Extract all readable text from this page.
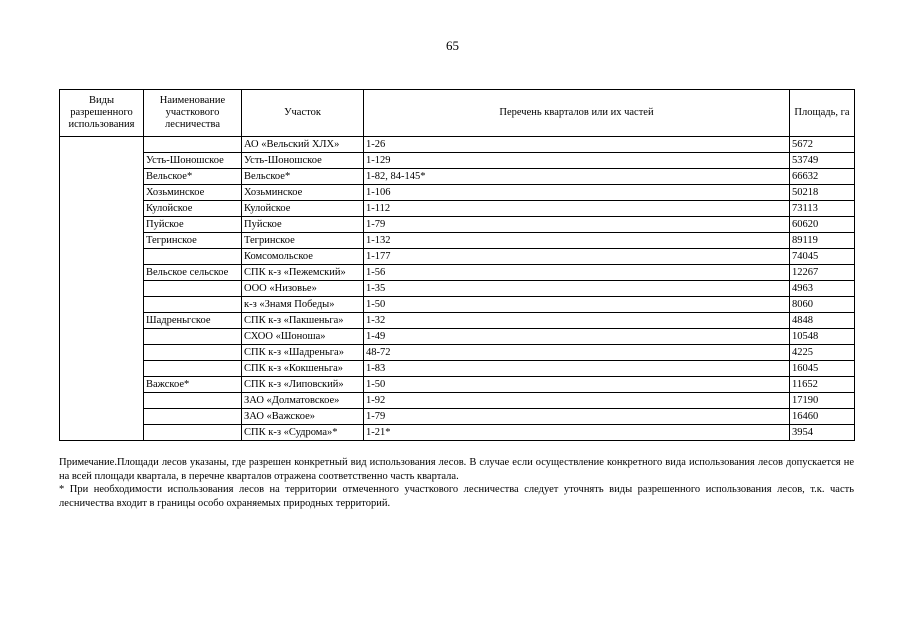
65
Виды разрешенного использования	Наименование участкового лесничества	Участок	Перечень кварталов или их частей	Площадь, га
		АО «Вельский ХЛХ»	1-26	5672
	Усть-Шоношское	Усть-Шоношское	1-129	53749
	Вельское*	Вельское*	1-82, 84-145*	66632
	Хозьминское	Хозьминское	1-106	50218
	Кулойское	Кулойское	1-112	73113
	Пуйское	Пуйское	1-79	60620
	Тегринское	Тегринское	1-132	89119
		Комсомольское	1-177	74045
	Вельское сельское	СПК к-з «Пежемский»	1-56	12267
		ООО «Низовье»	1-35	4963
		к-з «Знамя Победы»	1-50	8060
	Шадреньгское	СПК к-з «Пакшеньга»	1-32	4848
		СХОО «Шоноша»	1-49	10548
		СПК к-з «Шадреньга»	48-72	4225
		СПК к-з «Кокшеньга»	1-83	16045
	Важское*	СПК к-з «Липовский»	1-50	11652
		ЗАО «Долматовское»	1-92	17190
		ЗАО «Важское»	1-79	16460
		СПК к-з «Судрома»*	1-21*	3954

Примечание.Площади лесов указаны, где разрешен конкретный вид использования лесов. В случае если осуществление конкретного вида использования лесов допускается не на всей площади квартала, в перечне кварталов отражена соответственно часть квартала.

* При необходимости использования лесов на территории отмеченного участкового лесничества следует уточнять виды разрешенного использования лесов, т.к. часть лесничества входит в границы особо охраняемых природных территорий.
